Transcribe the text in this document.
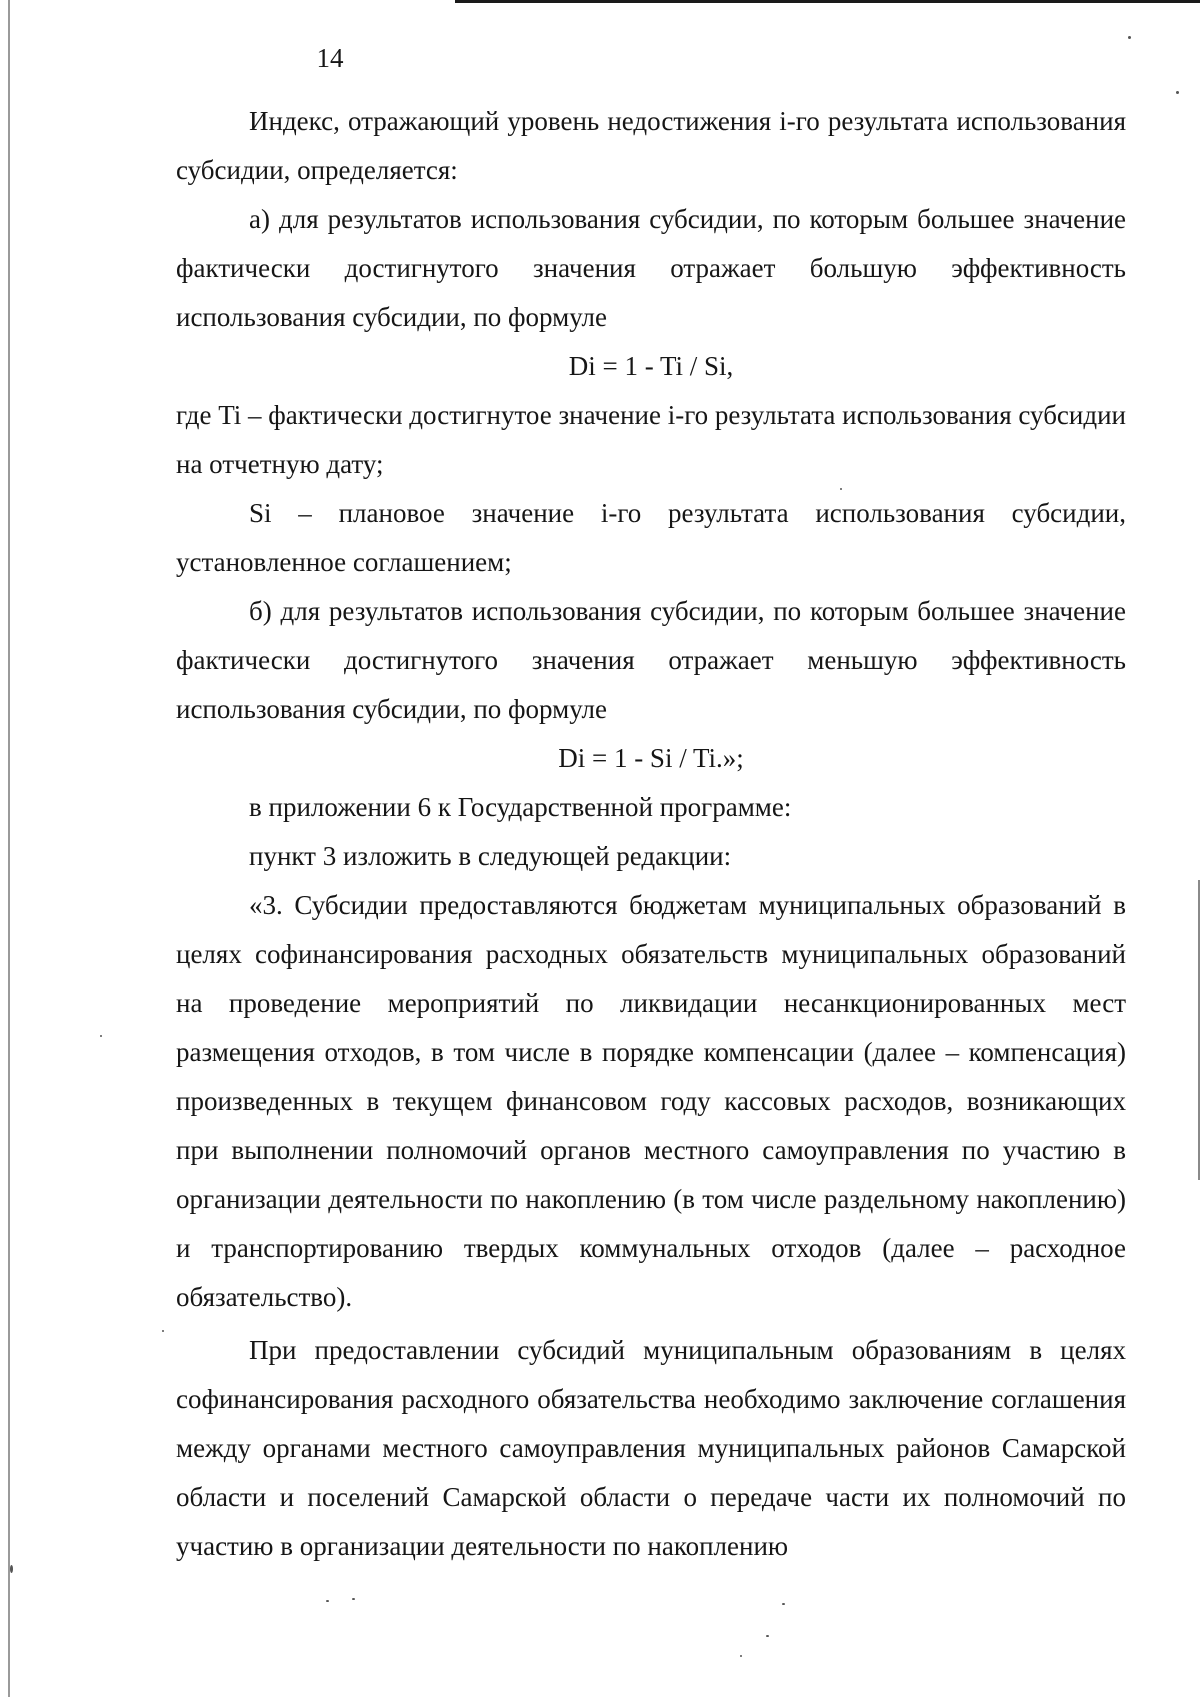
14

Индекс, отражающий уровень недостижения i-го результата использования субсидии, определяется:

а) для результатов использования субсидии, по которым большее значение фактически достигнутого значения отражает большую эффективность использования субсидии, по формуле

Di = 1 - Ti / Si,

где Ti – фактически достигнутое значение i-го результата использования субсидии на отчетную дату;

Si – плановое значение i-го результата использования субсидии, установленное соглашением;

б) для результатов использования субсидии, по которым большее значение фактически достигнутого значения отражает меньшую эффективность использования субсидии, по формуле

Di = 1 - Si / Ti.»;

в приложении 6 к Государственной программе:

пункт 3 изложить в следующей редакции:

«3. Субсидии предоставляются бюджетам муниципальных образований в целях софинансирования расходных обязательств муниципальных образований на проведение мероприятий по ликвидации несанкционированных мест размещения отходов, в том числе в порядке компенсации (далее – компенсация) произведенных в текущем финансовом году кассовых расходов, возникающих при выполнении полномочий органов местного самоуправления по участию в организации деятельности по накоплению (в том числе раздельному накоплению) и транспортированию твердых коммунальных отходов (далее – расходное обязательство).

При предоставлении субсидий муниципальным образованиям в целях софинансирования расходного обязательства необходимо заключение соглашения между органами местного самоуправления муниципальных районов Самарской области и поселений Самарской области о передаче части их полномочий по участию в организации деятельности по накоплению
